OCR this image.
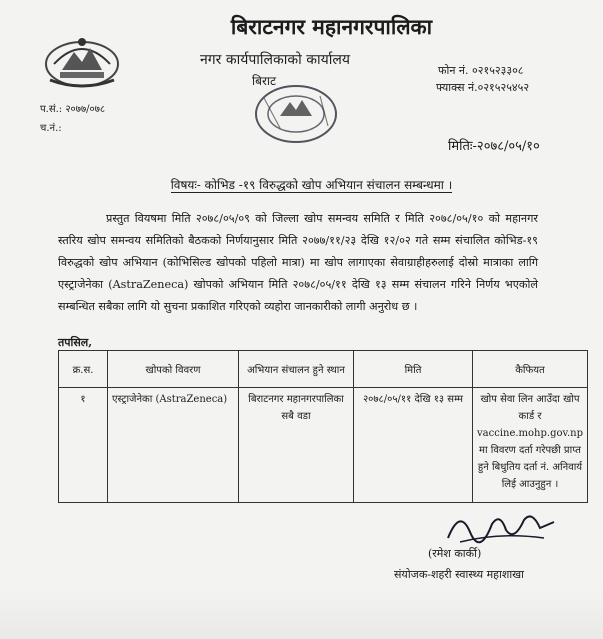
बिराटनगर महानगरपालिका
नगर कार्यपालिकाको कार्यालय
बिराट
फोन नं. ०२१५२३३०८
फ्याक्स नं.०२१५२५४५२
प.सं.: २०७७/०७८
च.नं.:
मितिः-२०७८/०५/१०
विषयः- कोभिड -१९ विरुद्धको खोप अभियान संचालन सम्बन्धमा ।

प्रस्तुत वियषमा मिति २०७८/०५/०९ को जिल्ला खोप समन्वय समिति र मिति २०७८/०५/१० को महानगर स्तरिय खोप समन्वय समितिको बैठकको निर्णयानुसार मिति २०७७/११/२३ देखि १२/०२ गते सम्म संचालित कोभिड-१९ विरुद्धको खोप अभियान (कोभिसिल्ड खोपको पहिलो मात्रा) मा खोप लागाएका सेवाग्राहीहरुलाई दोस्रो मात्राका लागि एस्ट्राजेनेका (AstraZeneca) खोपको अभियान मिति २०७८/०५/११ देखि १३ सम्म संचालन गरिने निर्णय भएकोले सम्बन्धित सबैका लागि यो सुचना प्रकाशित गरिएको व्यहोरा जानकारीको लागी अनुरोध छ ।

तपसिल,
क्र.स.	खोपको विवरण	अभियान संचालन हुने स्थान	मिति	कैफियत
१	एस्ट्राजेनेका (AstraZeneca)	बिराटनगर महानगरपालिका सबै वडा	२०७८/०५/११ देखि १३ सम्म	खोप सेवा लिन आउँदा खोप कार्ड र vaccine.mohp.gov.np मा विवरण दर्ता गरेपछी प्राप्त हुने बिधुतिय दर्ता नं. अनिवार्य लिई आउनुहुन ।
(रमेश कार्की)
संयोजक-शहरी स्वास्थ्य महाशाखा
